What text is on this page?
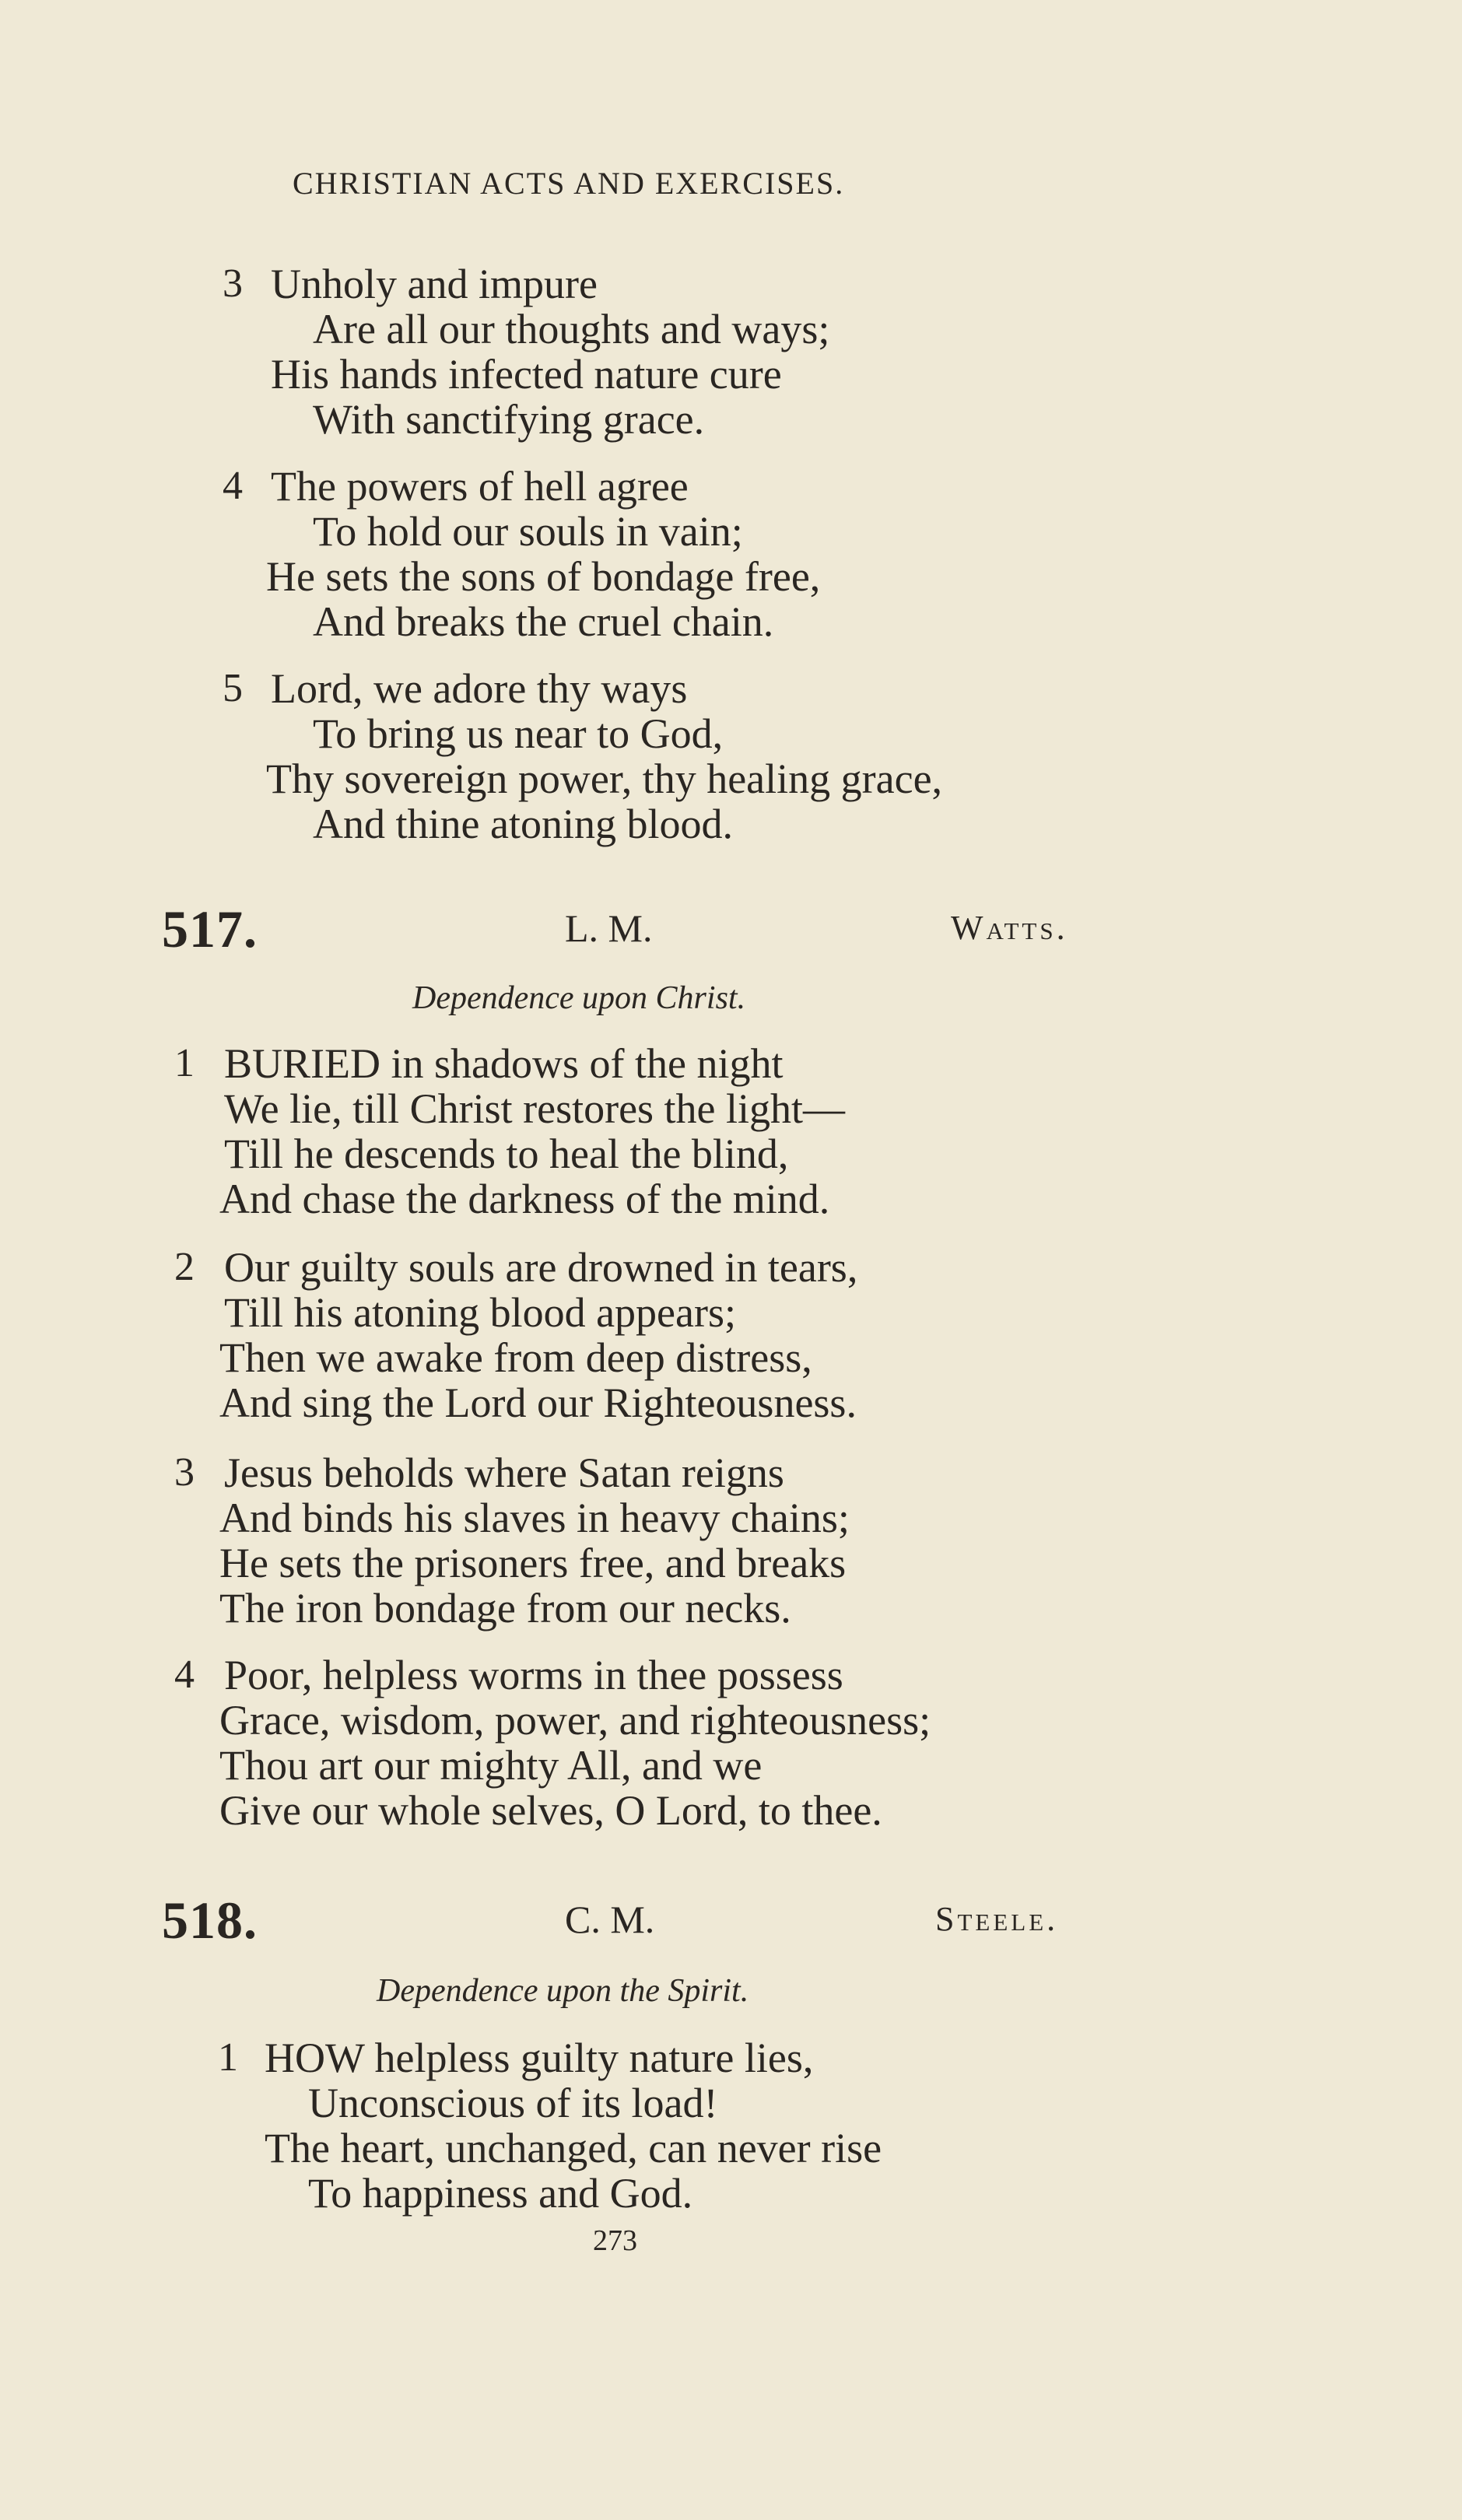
CHRISTIAN ACTS AND EXERCISES.
3 Unholy and impure
Are all our thoughts and ways;
His hands infected nature cure
With sanctifying grace.
4 The powers of hell agree
To hold our souls in vain;
He sets the sons of bondage free,
And breaks the cruel chain.
5 Lord, we adore thy ways
To bring us near to God,
Thy sovereign power, thy healing grace,
And thine atoning blood.
517.	L. M.	Watts.
Dependence upon Christ.
1 BURIED in shadows of the night
We lie, till Christ restores the light—
Till he descends to heal the blind,
And chase the darkness of the mind.
2 Our guilty souls are drowned in tears,
Till his atoning blood appears;
Then we awake from deep distress,
And sing the Lord our Righteousness.
3 Jesus beholds where Satan reigns
And binds his slaves in heavy chains;
He sets the prisoners free, and breaks
The iron bondage from our necks.
4 Poor, helpless worms in thee possess
Grace, wisdom, power, and righteousness;
Thou art our mighty All, and we
Give our whole selves, O Lord, to thee.
518.	C. M.	Steele.
Dependence upon the Spirit.
1 HOW helpless guilty nature lies,
Unconscious of its load!
The heart, unchanged, can never rise
To happiness and God.
273
